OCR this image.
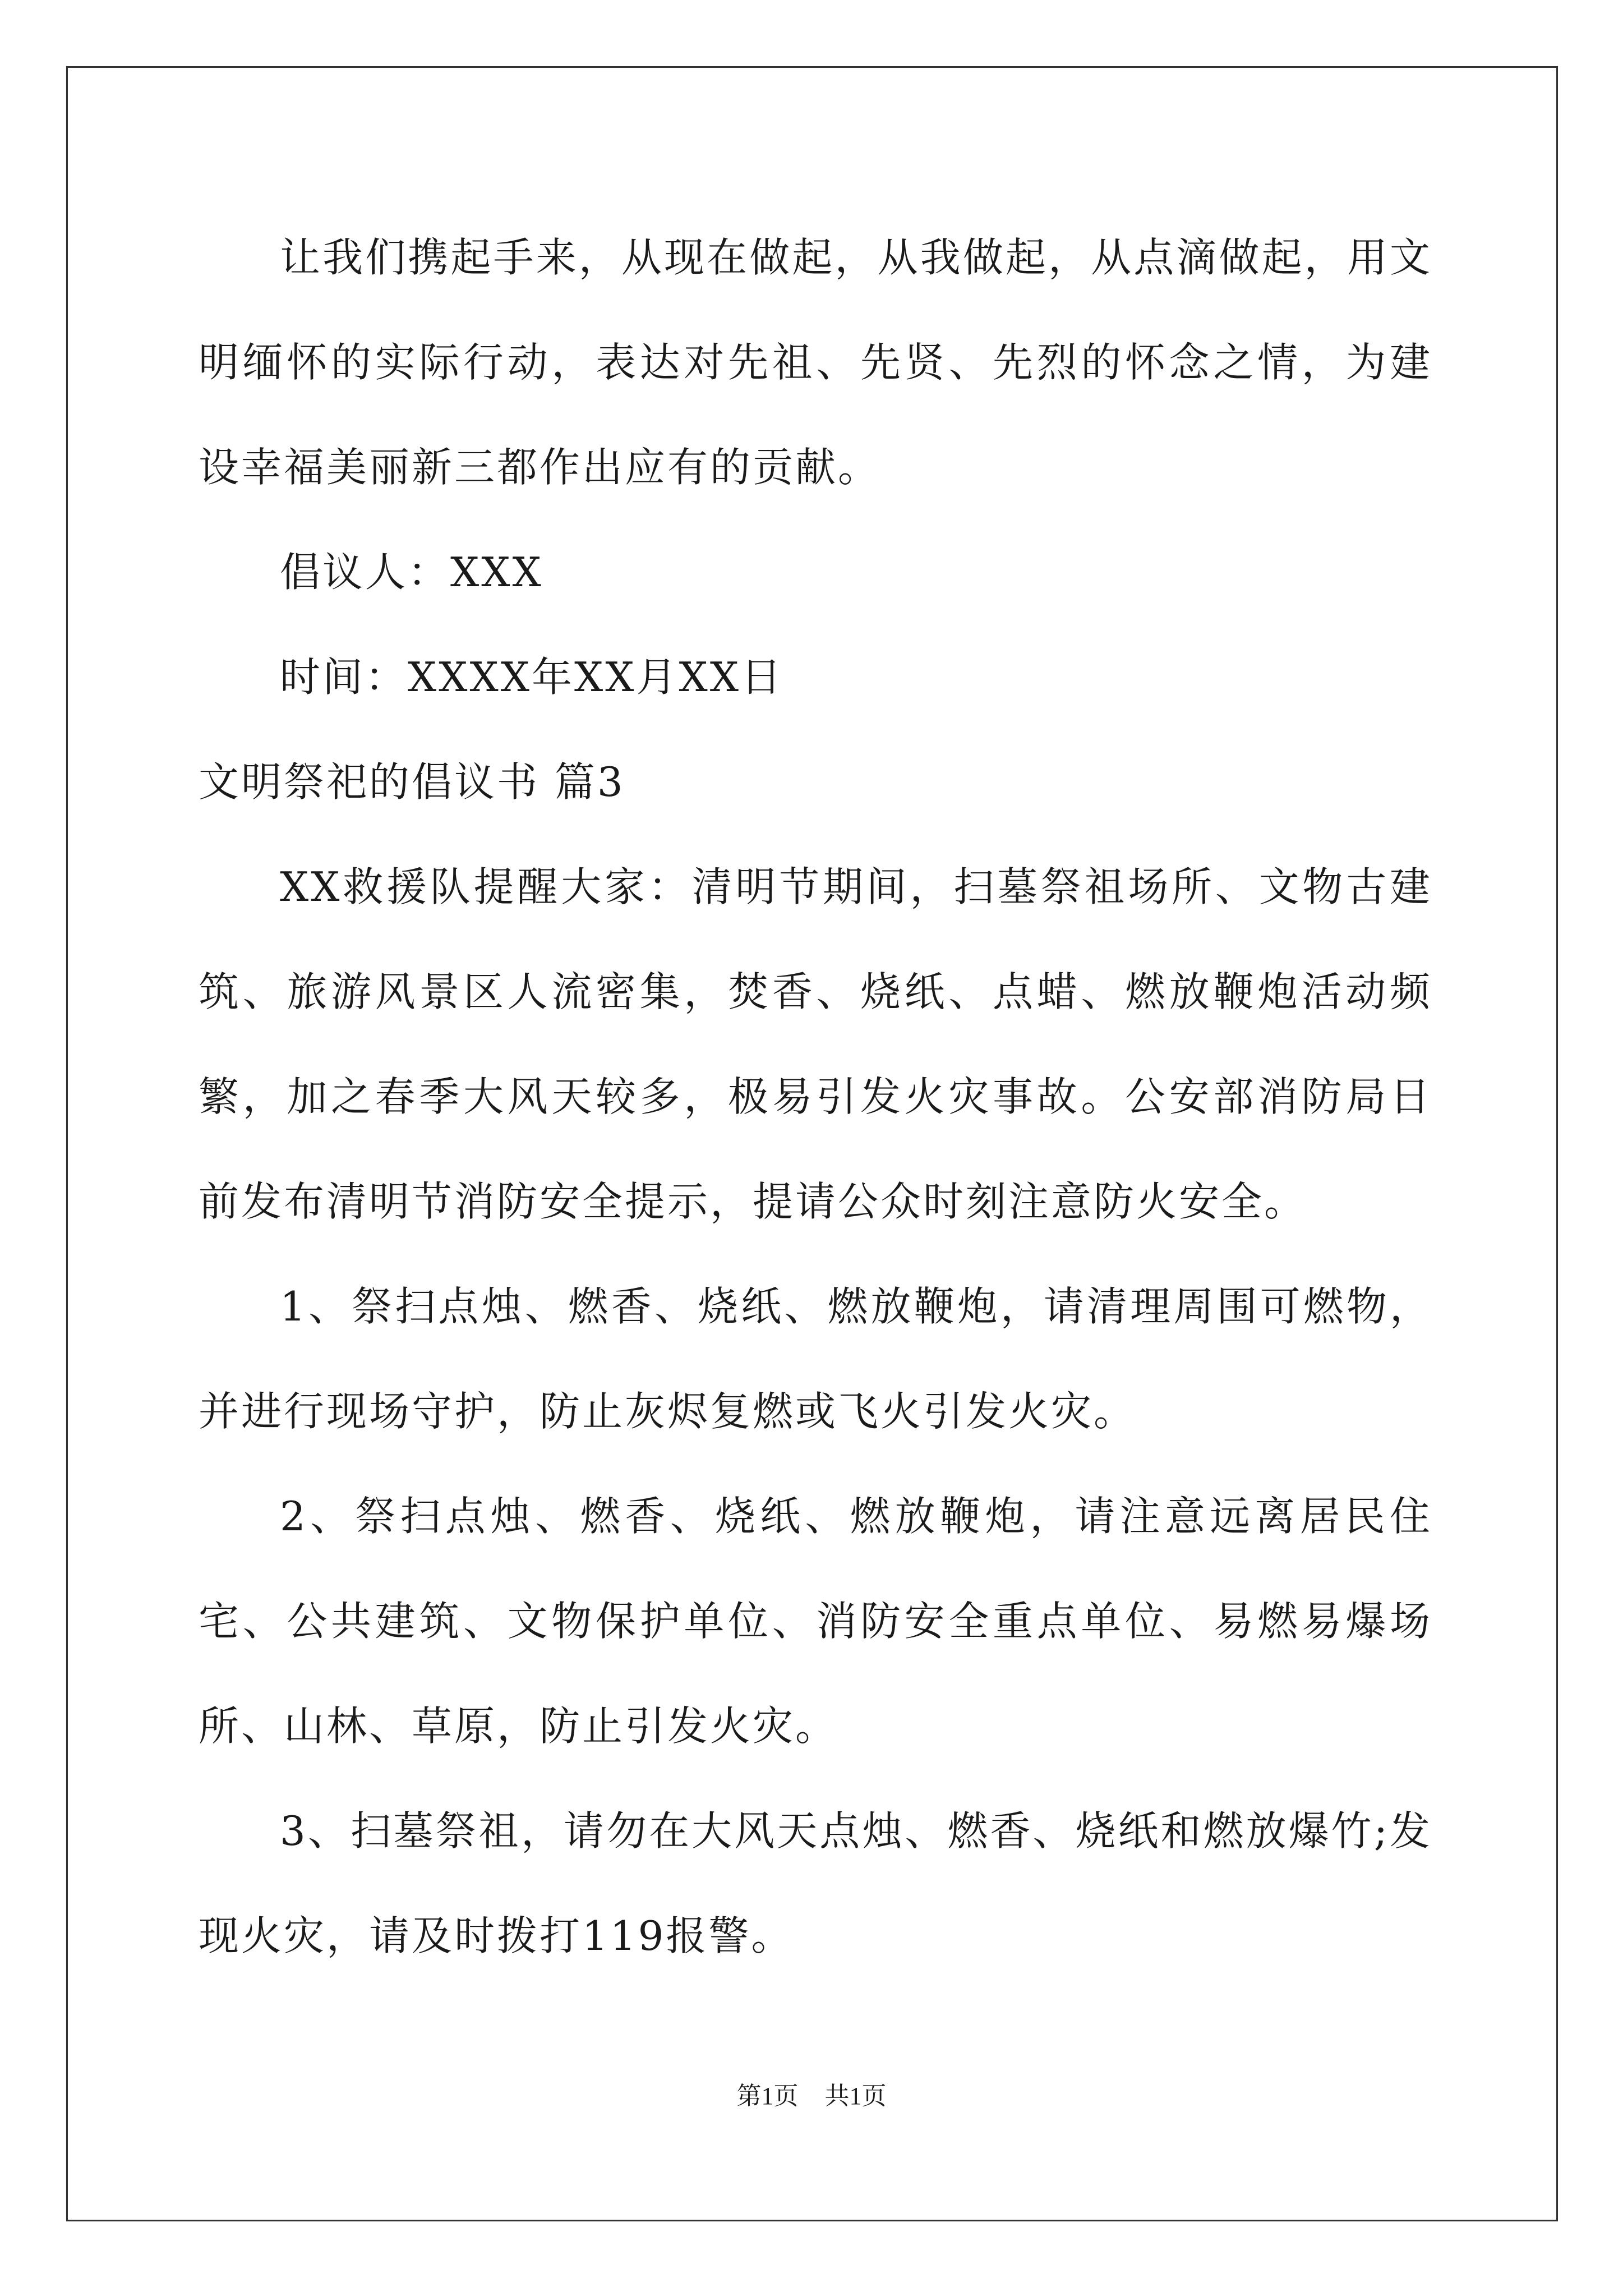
让我们携起手来，从现在做起，从我做起，从点滴做起，用文明缅怀的实际行动，表达对先祖、先贤、先烈的怀念之情，为建设幸福美丽新三都作出应有的贡献。

倡议人：XXX

时间：XXXX年XX月XX日

文明祭祀的倡议书 篇3

XX救援队提醒大家：清明节期间，扫墓祭祖场所、文物古建筑、旅游风景区人流密集，焚香、烧纸、点蜡、燃放鞭炮活动频繁，加之春季大风天较多，极易引发火灾事故。公安部消防局日前发布清明节消防安全提示，提请公众时刻注意防火安全。

1、祭扫点烛、燃香、烧纸、燃放鞭炮，请清理周围可燃物，并进行现场守护，防止灰烬复燃或飞火引发火灾。

2、祭扫点烛、燃香、烧纸、燃放鞭炮，请注意远离居民住宅、公共建筑、文物保护单位、消防安全重点单位、易燃易爆场所、山林、草原，防止引发火灾。

3、扫墓祭祖，请勿在大风天点烛、燃香、烧纸和燃放爆竹;发现火灾，请及时拨打119报警。

第1页 共1页
